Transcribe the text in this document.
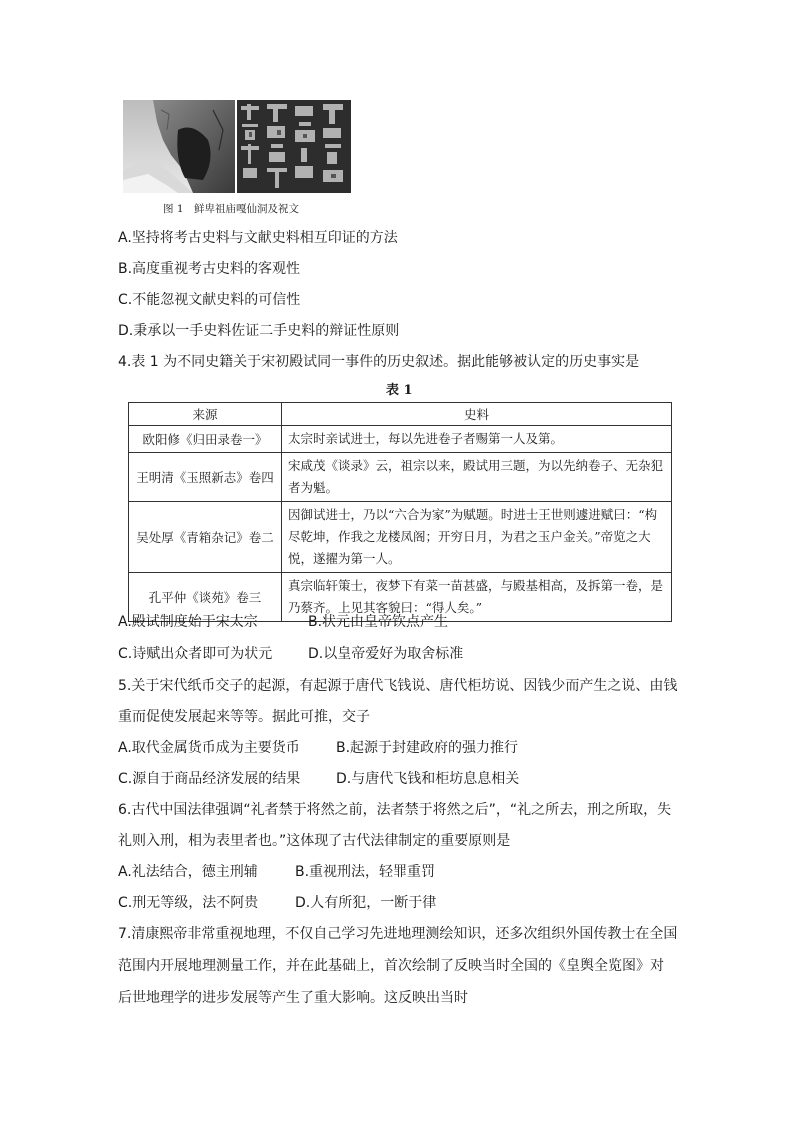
图 1　鲜卑祖庙嘎仙洞及祝文
A.坚持将考古史料与文献史料相互印证的方法
B.高度重视考古史料的客观性
C.不能忽视文献史料的可信性
D.秉承以一手史料佐证二手史料的辩证性原则
4.表 1 为不同史籍关于宋初殿试同一事件的历史叙述。据此能够被认定的历史事实是
表 1
来源	史料
欧阳修《归田录卷一》	太宗时亲试进士，每以先进卷子者赐第一人及第。
王明清《玉照新志》卷四	宋咸茂《谈录》云，祖宗以来，殿试用三题，为以先纳卷子、无杂犯者为魁。
吴处厚《青箱杂记》卷二	因御试进士，乃以“六合为家”为赋题。时进士王世则遽进赋曰：“构尽乾坤，作我之龙楼凤阁；开穷日月，为君之玉户金关。”帝览之大悦，遂擢为第一人。
孔平仲《谈苑》卷三	真宗临轩策士，夜梦下有菜一苗甚盛，与殿基相高，及拆第一卷，是乃蔡齐。上见其客貌曰：“得人矣。”
A.殿试制度始于宋太宗	B.状元由皇帝钦点产生
C.诗赋出众者即可为状元	D.以皇帝爱好为取舍标准
5.关于宋代纸币交子的起源，有起源于唐代飞钱说、唐代柜坊说、因钱少而产生之说、由钱
重而促使发展起来等等。据此可推，交子
A.取代金属货币成为主要货币	B.起源于封建政府的强力推行
C.源自于商品经济发展的结果	D.与唐代飞钱和柜坊息息相关
6.古代中国法律强调“礼者禁于将然之前，法者禁于将然之后”，“礼之所去，刑之所取，失
礼则入刑，相为表里者也。”这体现了古代法律制定的重要原则是
A.礼法结合，德主刑辅	B.重视刑法，轻罪重罚
C.刑无等级，法不阿贵	D.人有所犯，一断于律
7.清康熙帝非常重视地理，不仅自己学习先进地理测绘知识，还多次组织外国传教士在全国
范围内开展地理测量工作，并在此基础上，首次绘制了反映当时全国的《皇舆全览图》对
后世地理学的进步发展等产生了重大影响。这反映出当时
